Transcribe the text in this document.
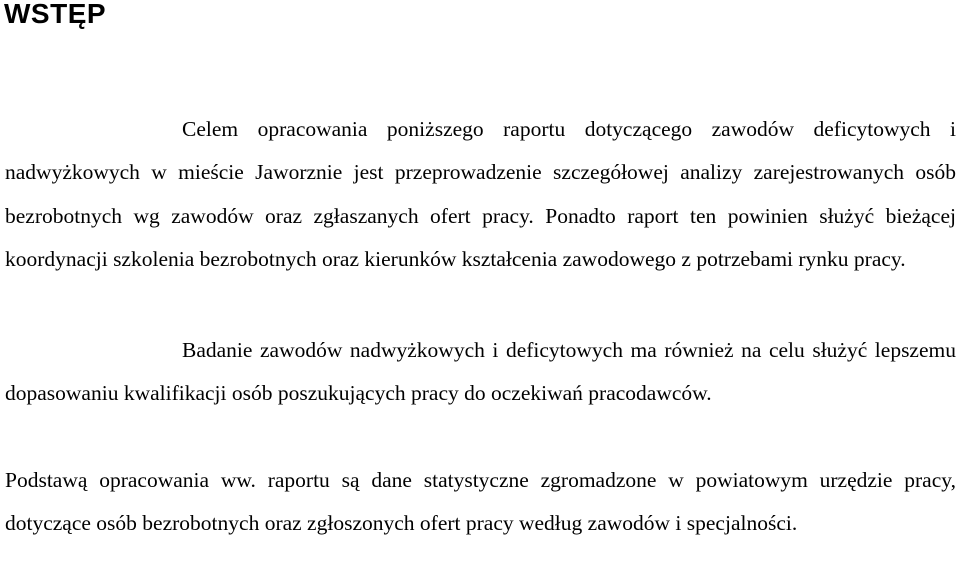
WSTĘP

Celem opracowania poniższego raportu dotyczącego zawodów deficytowych i nadwyżkowych w mieście Jaworznie jest przeprowadzenie szczegółowej analizy zarejestrowanych osób bezrobotnych wg zawodów oraz zgłaszanych ofert pracy. Ponadto raport ten powinien służyć bieżącej koordynacji szkolenia bezrobotnych oraz kierunków kształcenia zawodowego z potrzebami rynku pracy.

Badanie zawodów nadwyżkowych i deficytowych ma również na celu służyć lepszemu dopasowaniu kwalifikacji osób poszukujących pracy do oczekiwań pracodawców.

Podstawą opracowania ww. raportu są dane statystyczne zgromadzone w powiatowym urzędzie pracy, dotyczące osób bezrobotnych oraz zgłoszonych ofert pracy według zawodów i specjalności.
